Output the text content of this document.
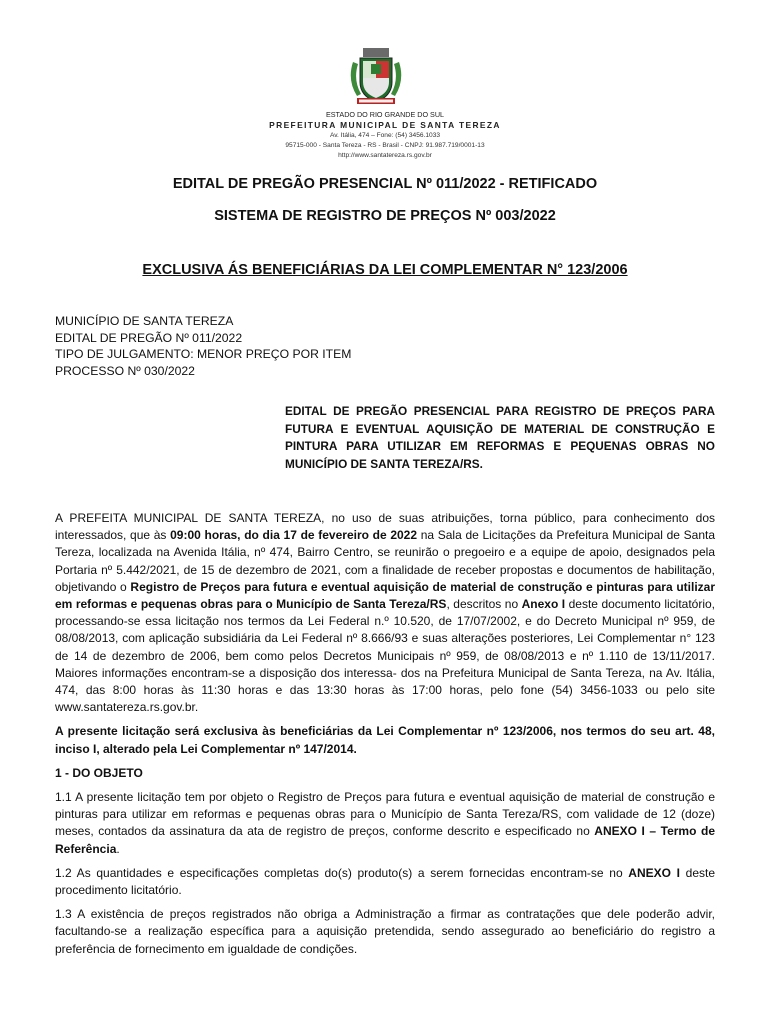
ESTADO DO RIO GRANDE DO SUL
PREFEITURA MUNICIPAL DE SANTA TEREZA
Av. Itália, 474 – Fone: (54) 3456.1033
95715-000 - Santa Tereza - RS - Brasil - CNPJ: 91.987.719/0001-13
http://www.santatereza.rs.gov.br
EDITAL DE PREGÃO PRESENCIAL Nº 011/2022 - RETIFICADO
SISTEMA DE REGISTRO DE PREÇOS Nº 003/2022
EXCLUSIVA ÁS BENEFICIÁRIAS DA LEI COMPLEMENTAR N° 123/2006
MUNICÍPIO DE SANTA TEREZA
EDITAL DE PREGÃO Nº 011/2022
TIPO DE JULGAMENTO: MENOR PREÇO POR ITEM
PROCESSO Nº 030/2022
EDITAL DE PREGÃO PRESENCIAL PARA REGISTRO DE PREÇOS PARA FUTURA E EVENTUAL AQUISIÇÃO DE MATERIAL DE CONSTRUÇÃO E PINTURA PARA UTILIZAR EM REFORMAS E PEQUENAS OBRAS NO MUNICÍPIO DE SANTA TEREZA/RS.

A PREFEITA MUNICIPAL DE SANTA TEREZA, no uso de suas atribuições, torna público, para conhecimento dos interessados, que às 09:00 horas, do dia 17 de fevereiro de 2022 na Sala de Licitações da Prefeitura Municipal de Santa Tereza, localizada na Avenida Itália, nº 474, Bairro Centro, se reunirão o pregoeiro e a equipe de apoio, designados pela Portaria nº 5.442/2021, de 15 de dezembro de 2021, com a finalidade de receber propostas e documentos de habilitação, objetivando o Registro de Preços para futura e eventual aquisição de material de construção e pinturas para utilizar em reformas e pequenas obras para o Município de Santa Tereza/RS, descritos no Anexo I deste documento licitatório, processando-se essa licitação nos termos da Lei Federal n.º 10.520, de 17/07/2002, e do Decreto Municipal nº 959, de 08/08/2013, com aplicação subsidiária da Lei Federal nº 8.666/93 e suas alterações posteriores, Lei Complementar n° 123 de 14 de dezembro de 2006, bem como pelos Decretos Municipais nº 959, de 08/08/2013 e nº 1.110 de 13/11/2017. Maiores informações encontram-se a disposição dos interessa- dos na Prefeitura Municipal de Santa Tereza, na Av. Itália, 474, das 8:00 horas às 11:30 horas e das 13:30 horas às 17:00 horas, pelo fone (54) 3456-1033 ou pelo site www.santatereza.rs.gov.br.

A presente licitação será exclusiva às beneficiárias da Lei Complementar nº 123/2006, nos termos do seu art. 48, inciso I, alterado pela Lei Complementar nº 147/2014.

1 - DO OBJETO

1.1 A presente licitação tem por objeto o Registro de Preços para futura e eventual aquisição de material de construção e pinturas para utilizar em reformas e pequenas obras para o Município de Santa Tereza/RS, com validade de 12 (doze) meses, contados da assinatura da ata de registro de preços, conforme descrito e especificado no ANEXO I – Termo de Referência.

1.2 As quantidades e especificações completas do(s) produto(s) a serem fornecidas encontram-se no ANEXO I deste procedimento licitatório.

1.3 A existência de preços registrados não obriga a Administração a firmar as contratações que dele poderão advir, facultando-se a realização específica para a aquisição pretendida, sendo assegurado ao beneficiário do registro a preferência de fornecimento em igualdade de condições.
